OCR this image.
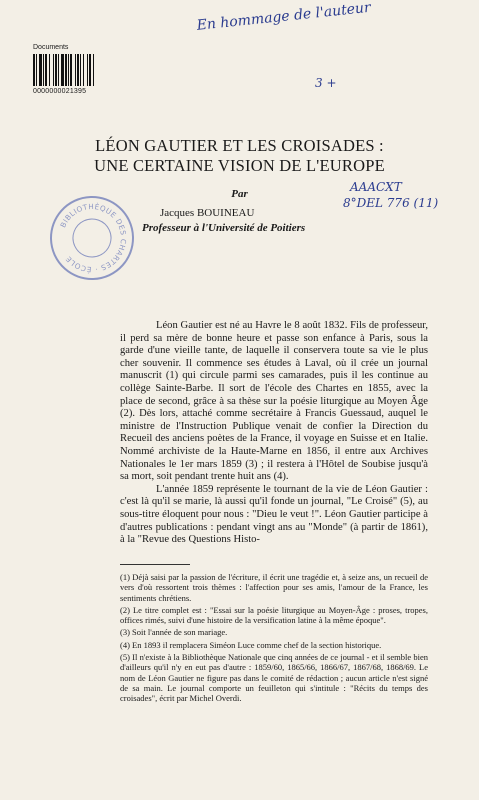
Documents
0000000021395
En hommage de l'auteur
3 +
AAACXT
8°DEL 776 (11)
BIBLIOTHÈQUE DES CHARTES · ÉCOLE
LÉON GAUTIER ET LES CROISADES :
UNE CERTAINE VISION DE L'EUROPE
Par
Jacques BOUINEAU
Professeur à l'Université de Poitiers

Léon Gautier est né au Havre le 8 août 1832. Fils de professeur, il perd sa mère de bonne heure et passe son enfance à Paris, sous la garde d'une vieille tante, de laquelle il conservera toute sa vie le plus cher souvenir. Il commence ses études à Laval, où il crée un journal manuscrit (1) qui circule parmi ses camarades, puis il les continue au collège Sainte-Barbe. Il sort de l'école des Chartes en 1855, avec la place de second, grâce à sa thèse sur la poésie liturgique au Moyen Âge (2). Dès lors, attaché comme secrétaire à Francis Guessaud, auquel le ministre de l'Instruction Publique venait de confier la Direction du Recueil des anciens poètes de la France, il voyage en Suisse et en Italie. Nommé archiviste de la Haute-Marne en 1856, il entre aux Archives Nationales le 1er mars 1859 (3) ; il restera à l'Hôtel de Soubise jusqu'à sa mort, soit pendant trente huit ans (4).

L'année 1859 représente le tournant de la vie de Léon Gautier : c'est là qu'il se marie, là aussi qu'il fonde un journal, "Le Croisé" (5), au sous-titre éloquent pour nous : "Dieu le veut !". Léon Gautier participe à d'autres publications : pendant vingt ans au "Monde" (à partir de 1861), à la "Revue des Questions Histo-

(1) Déjà saisi par la passion de l'écriture, il écrit une tragédie et, à seize ans, un recueil de vers d'où ressortent trois thèmes : l'affection pour ses amis, l'amour de la France, les sentiments chrétiens.

(2) Le titre complet est : "Essai sur la poésie liturgique au Moyen-Âge : proses, tropes, offices rimés, suivi d'une histoire de la versification latine à la même époque".

(3) Soit l'année de son mariage.

(4) En 1893 il remplacera Siméon Luce comme chef de la section historique.

(5) Il n'existe à la Bibliothèque Nationale que cinq années de ce journal - et il semble bien d'ailleurs qu'il n'y en eut pas d'autre : 1859/60, 1865/66, 1866/67, 1867/68, 1868/69. Le nom de Léon Gautier ne figure pas dans le comité de rédaction ; aucun article n'est signé de sa main. Le journal comporte un feuilleton qui s'intitule : "Récits du temps des croisades", écrit par Michel Overdi.
